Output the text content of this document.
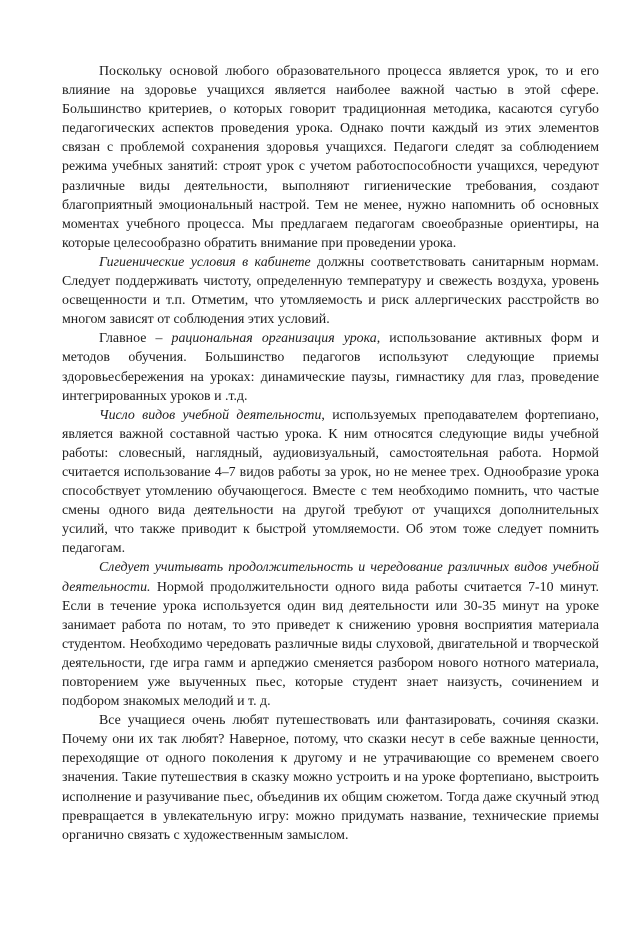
Поскольку основой любого образовательного процесса является урок, то и его влияние на здоровье учащихся является наиболее важной частью в этой сфере. Большинство критериев, о которых говорит традиционная методика, касаются сугубо педагогических аспектов проведения урока. Однако почти каждый из этих элементов связан с проблемой сохранения здоровья учащихся. Педагоги следят за соблюдением режима учебных занятий: строят урок с учетом работоспособности учащихся, чередуют различные виды деятельности, выполняют гигиенические требования, создают благоприятный эмоциональный настрой. Тем не менее, нужно напомнить об основных моментах учебного процесса. Мы предлагаем педагогам своеобразные ориентиры, на которые целесообразно обратить внимание при проведении урока.

Гигиенические условия в кабинете должны соответствовать санитарным нормам. Следует поддерживать чистоту, определенную температуру и свежесть воздуха, уровень освещенности и т.п. Отметим, что утомляемость и риск аллергических расстройств во многом зависят от соблюдения этих условий.

Главное – рациональная организация урока, использование активных форм и методов обучения. Большинство педагогов используют следующие приемы здоровьесбережения на уроках: динамические паузы, гимнастику для глаз, проведение интегрированных уроков и .т.д.

Число видов учебной деятельности, используемых преподавателем фортепиано, является важной составной частью урока. К ним относятся следующие виды учебной работы: словесный, наглядный, аудиовизуальный, самостоятельная работа. Нормой считается использование 4–7 видов работы за урок, но не менее трех. Однообразие урока способствует утомлению обучающегося. Вместе с тем необходимо помнить, что частые смены одного вида деятельности на другой требуют от учащихся дополнительных усилий, что также приводит к быстрой утомляемости. Об этом тоже следует помнить педагогам.

Следует учитывать продолжительность и чередование различных видов учебной деятельности. Нормой продолжительности одного вида работы считается 7-10 минут. Если в течение урока используется один вид деятельности или 30-35 минут на уроке занимает работа по нотам, то это приведет к снижению уровня восприятия материала студентом. Необходимо чередовать различные виды слуховой, двигательной и творческой деятельности, где игра гамм и арпеджио сменяется разбором нового нотного материала, повторением уже выученных пьес, которые студент знает наизусть, сочинением и подбором знакомых мелодий и т. д.

Все учащиеся очень любят путешествовать или фантазировать, сочиняя сказки. Почему они их так любят? Наверное, потому, что сказки несут в себе важные ценности, переходящие от одного поколения к другому и не утрачивающие со временем своего значения. Такие путешествия в сказку можно устроить и на уроке фортепиано, выстроить исполнение и разучивание пьес, объединив их общим сюжетом. Тогда даже скучный этюд превращается в увлекательную игру: можно придумать название, технические приемы органично связать с художественным замыслом.
